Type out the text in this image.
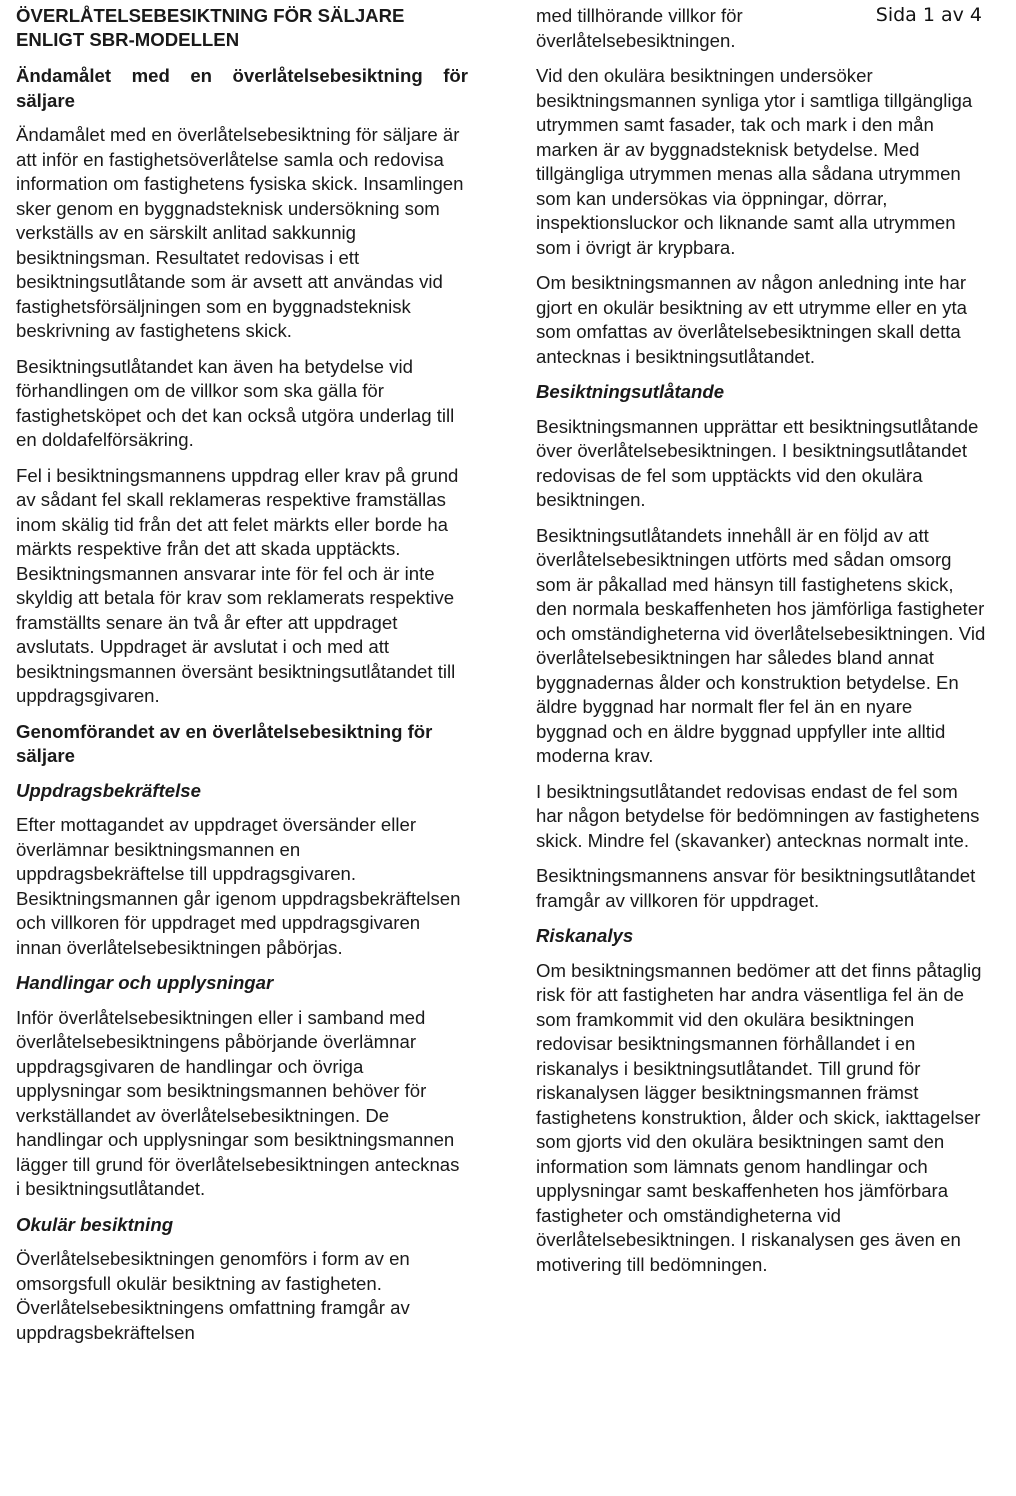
Sida 1 av 4
ÖVERLÅTELSEBESIKTNING FÖR SÄLJARE
ENLIGT SBR-MODELLEN
Ändamålet med en överlåtelsebesiktning för säljare

Ändamålet med en överlåtelsebesiktning för säljare är att inför en fastighetsöverlåtelse samla och redovisa information om fastighetens fysiska skick. Insamlingen sker genom en byggnadsteknisk undersökning som verkställs av en särskilt anlitad sakkunnig besiktningsman. Resultatet redovisas i ett besiktningsutlåtande som är avsett att användas vid fastighetsförsäljningen som en byggnadsteknisk beskrivning av fastighetens skick.

Besiktningsutlåtandet kan även ha betydelse vid förhandlingen om de villkor som ska gälla för fastighetsköpet och det kan också utgöra underlag till en doldafelförsäkring.

Fel i besiktningsmannens uppdrag eller krav på grund av sådant fel skall reklameras respektive framställas inom skälig tid från det att felet märkts eller borde ha märkts respektive från det att skada upptäckts. Besiktningsmannen ansvarar inte för fel och är inte skyldig att betala för krav som reklamerats respektive framställts senare än två år efter att uppdraget avslutats. Uppdraget är avslutat i och med att besiktningsmannen översänt besiktningsutlåtandet till uppdragsgivaren.

Genomförandet av en överlåtelsebesiktning för säljare
Uppdragsbekräftelse

Efter mottagandet av uppdraget översänder eller överlämnar besiktningsmannen en uppdragsbekräftelse till uppdragsgivaren. Besiktningsmannen går igenom uppdragsbekräftelsen och villkoren för uppdraget med uppdragsgivaren innan överlåtelsebesiktningen påbörjas.

Handlingar och upplysningar

Inför överlåtelsebesiktningen eller i samband med överlåtelsebesiktningens påbörjande överlämnar uppdragsgivaren de handlingar och övriga upplysningar som besiktningsmannen behöver för verkställandet av överlåtelsebesiktningen. De handlingar och upplysningar som besiktningsmannen lägger till grund för överlåtelsebesiktningen antecknas i besiktningsutlåtandet.

Okulär besiktning

Överlåtelsebesiktningen genomförs i form av en omsorgsfull okulär besiktning av fastigheten. Överlåtelsebesiktningens omfattning framgår av uppdragsbekräftelsen

med tillhörande villkor för överlåtelsebesiktningen.

Vid den okulära besiktningen undersöker besiktningsmannen synliga ytor i samtliga tillgängliga utrymmen samt fasader, tak och mark i den mån marken är av byggnadsteknisk betydelse. Med tillgängliga utrymmen menas alla sådana utrymmen som kan undersökas via öppningar, dörrar, inspektionsluckor och liknande samt alla utrymmen som i övrigt är krypbara.

Om besiktningsmannen av någon anledning inte har gjort en okulär besiktning av ett utrymme eller en yta som omfattas av överlåtelsebesiktningen skall detta antecknas i besiktningsutlåtandet.

Besiktningsutlåtande

Besiktningsmannen upprättar ett besiktningsutlåtande över överlåtelsebesiktningen. I besiktningsutlåtandet redovisas de fel som upptäckts vid den okulära besiktningen.

Besiktningsutlåtandets innehåll är en följd av att överlåtelsebesiktningen utförts med sådan omsorg som är påkallad med hänsyn till fastighetens skick, den normala beskaffenheten hos jämförliga fastigheter och omständigheterna vid överlåtelsebesiktningen. Vid överlåtelsebesiktningen har således bland annat byggnadernas ålder och konstruktion betydelse. En äldre byggnad har normalt fler fel än en nyare byggnad och en äldre byggnad uppfyller inte alltid moderna krav.

I besiktningsutlåtandet redovisas endast de fel som har någon betydelse för bedömningen av fastighetens skick. Mindre fel (skavanker) antecknas normalt inte.

Besiktningsmannens ansvar för besiktningsutlåtandet framgår av villkoren för uppdraget.

Riskanalys

Om besiktningsmannen bedömer att det finns påtaglig risk för att fastigheten har andra väsentliga fel än de som framkommit vid den okulära besiktningen redovisar besiktningsmannen förhållandet i en riskanalys i besiktningsutlåtandet. Till grund för riskanalysen lägger besiktningsmannen främst fastighetens konstruktion, ålder och skick, iakttagelser som gjorts vid den okulära besiktningen samt den information som lämnats genom handlingar och upplysningar samt beskaffenheten hos jämförbara fastigheter och omständigheterna vid överlåtelsebesiktningen. I riskanalysen ges även en motivering till bedömningen.
